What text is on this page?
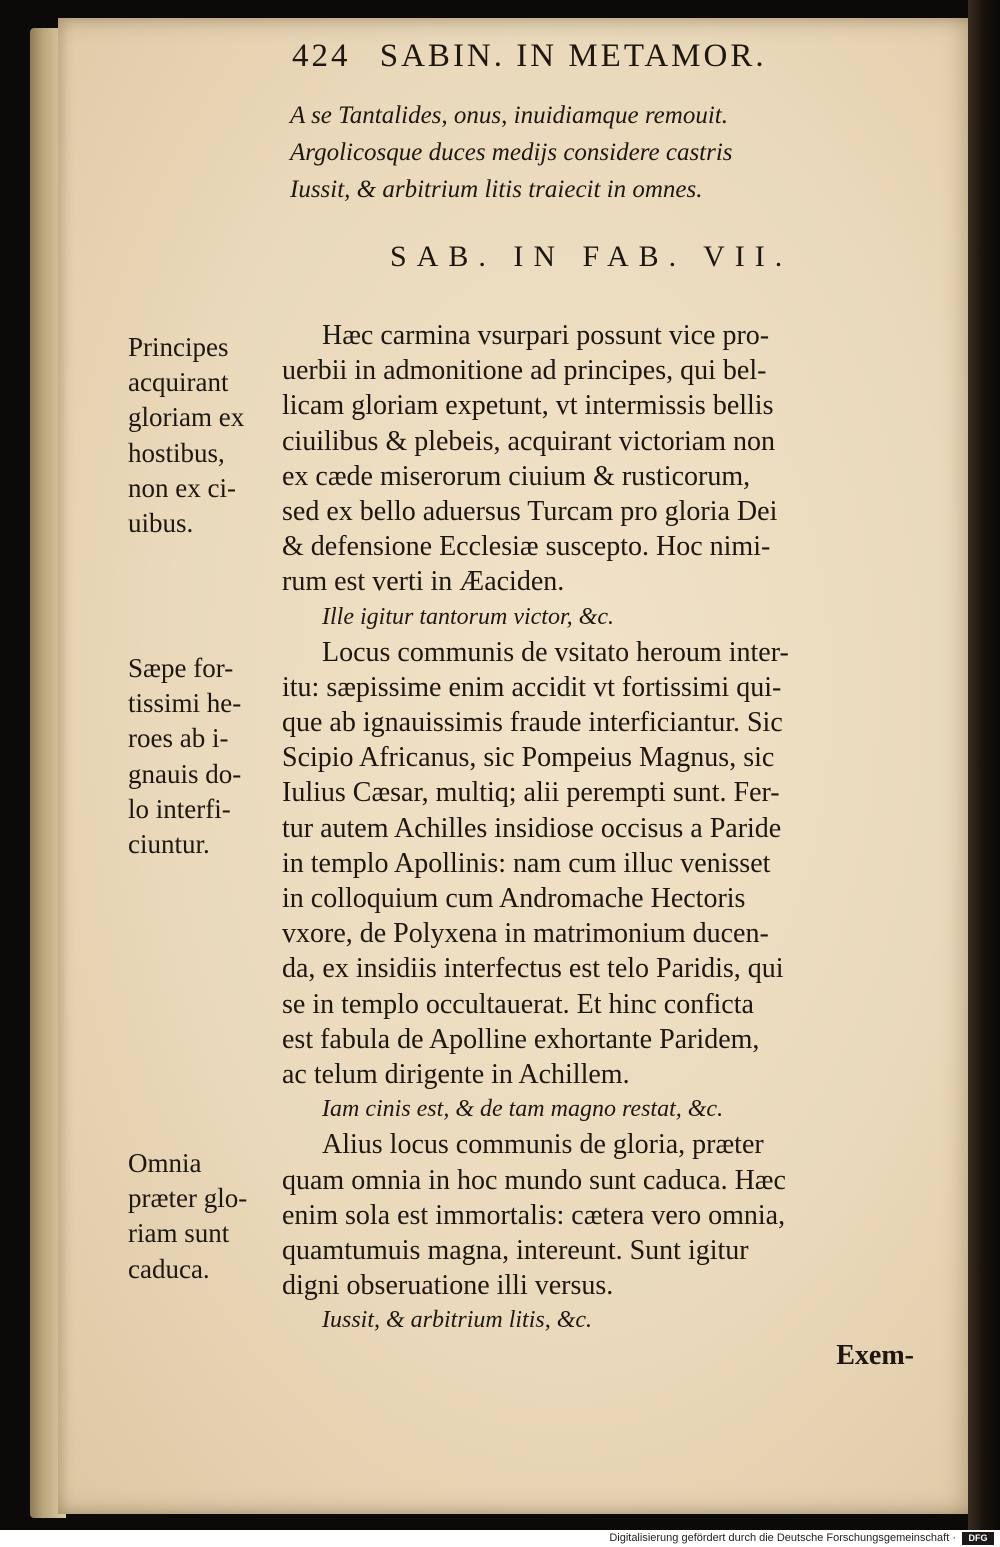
424 SABIN. IN METAMOR.
A se Tantalides, onus, inuidiamque remouit.
Argolicosque duces medijs considere castris
Iussit, & arbitrium litis traiecit in omnes.
SAB. IN FAB. VII.
Hæc carmina vsurpari possunt vice pro-
uerbii in admonitione ad principes, qui bel-
licam gloriam expetunt, vt intermissis bellis
ciuilibus & plebeis, acquirant victoriam non
ex cæde miserorum ciuium & rusticorum,
sed ex bello aduersus Turcam pro gloria Dei
& defensione Ecclesiæ suscepto. Hoc nimi-
rum est verti in Æaciden.
Ille igitur tantorum victor, &c.
Locus communis de vsitato heroum inter-
itu: sæpissime enim accidit vt fortissimi qui-
que ab ignauissimis fraude interficiantur. Sic
Scipio Africanus, sic Pompeius Magnus, sic
Iulius Cæsar, multiq; alii perempti sunt. Fer-
tur autem Achilles insidiose occisus a Paride
in templo Apollinis: nam cum illuc venisset
in colloquium cum Andromache Hectoris
vxore, de Polyxena in matrimonium ducen-
da, ex insidiis interfectus est telo Paridis, qui
se in templo occultauerat. Et hinc conficta
est fabula de Apolline exhortante Paridem,
ac telum dirigente in Achillem.
Iam cinis est, & de tam magno restat, &c.
Alius locus communis de gloria, præter
quam omnia in hoc mundo sunt caduca. Hæc
enim sola est immortalis: cætera vero omnia,
quamtumuis magna, intereunt. Sunt igitur
digni obseruatione illi versus.
Iussit, & arbitrium litis, &c.
Exem-
Principes
acquirant
gloriam ex
hostibus,
non ex ci-
uibus.
Sæpe for-
tissimi he-
roes ab i-
gnauis do-
lo interfi-
ciuntur.
Omnia
præter glo-
riam sunt
caduca.
Digitalisierung gefördert durch die Deutsche Forschungsgemeinschaft ·	DFG
